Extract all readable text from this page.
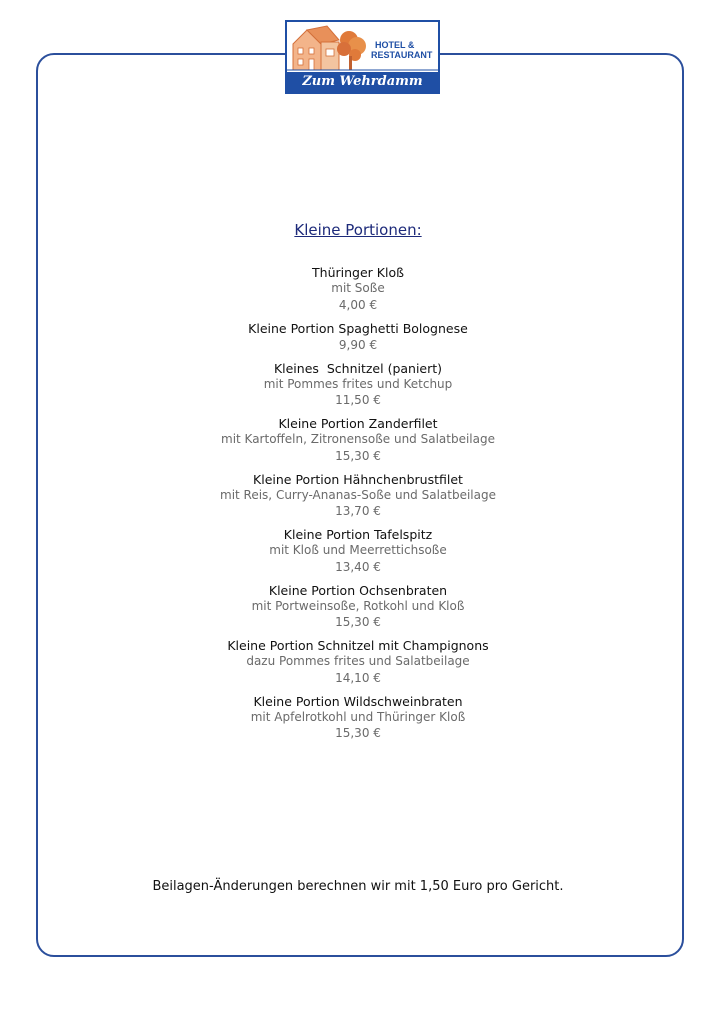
HOTEL &
RESTAURANT
Zum Wehrdamm
Kleine Portionen:
Thüringer Kloß
mit Soße
4,00 €
Kleine Portion Spaghetti Bolognese
9,90 €
Kleines  Schnitzel (paniert)
mit Pommes frites und Ketchup
11,50 €
Kleine Portion Zanderfilet
mit Kartoffeln, Zitronensoße und Salatbeilage
15,30 €
Kleine Portion Hähnchenbrustfilet
mit Reis, Curry-Ananas-Soße und Salatbeilage
13,70 €
Kleine Portion Tafelspitz
mit Kloß und Meerrettichsoße
13,40 €
Kleine Portion Ochsenbraten
mit Portweinsoße, Rotkohl und Kloß
15,30 €
Kleine Portion Schnitzel mit Champignons
dazu Pommes frites und Salatbeilage
14,10 €
Kleine Portion Wildschweinbraten
mit Apfelrotkohl und Thüringer Kloß
15,30 €
Beilagen-Änderungen berechnen wir mit 1,50 Euro pro Gericht.
